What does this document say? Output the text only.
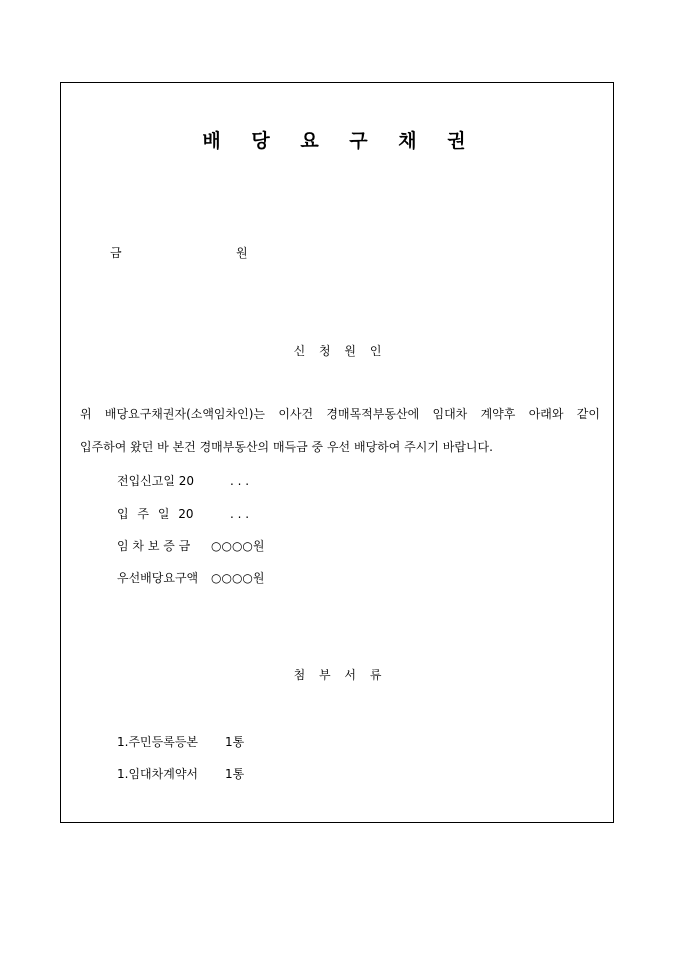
배 당 요 구 채 권
금	원
신 청 원 인
위 배당요구채권자(소액임차인)는 이사건 경매목적부동산에 임대차 계약후 아래와 같이
입주하여 왔던 바 본건 경매부동산의 매득금 중 우선 배당하여 주시기 바랍니다.
전입신고일 20	. . .
입 주 일 20	. . .
임 차 보 증 금 ○○○○원
우선배당요구액 ○○○○원
첨 부 서 류
1.주민등록등본 1통
1.임대차계약서 1통
